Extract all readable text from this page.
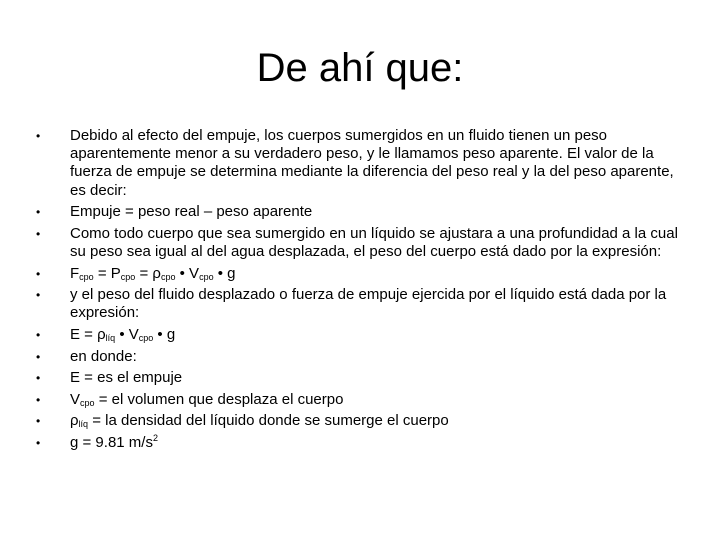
De ahí que:
•	Debido al efecto del empuje, los cuerpos sumergidos en un fluido tienen un peso aparentemente menor a su verdadero peso, y le llamamos peso aparente. El valor de la fuerza de empuje se determina mediante la diferencia del peso real y la del peso aparente, es decir:
•	Empuje = peso real – peso aparente
•	Como todo cuerpo que sea sumergido en un líquido se ajustara a una profundidad a la cual su peso sea igual al del agua desplazada, el peso del cuerpo está dado por la expresión:
•	$F_{cpo} = P_{cpo} = \rho_{cpo}$ • $V_{cpo}$ • g
•	y el peso del fluido desplazado o fuerza de empuje ejercida por el líquido está dada por la expresión:
•	$E = \rho_{líq}$ • $V_{cpo}$ • g
•	en donde:
•	E = es el empuje
•	$V_{cpo}$ = el volumen que desplaza el cuerpo
•	$\rho_{líq}$ = la densidad del líquido donde se sumerge el cuerpo
•	g = 9.81 $m/s^2$
